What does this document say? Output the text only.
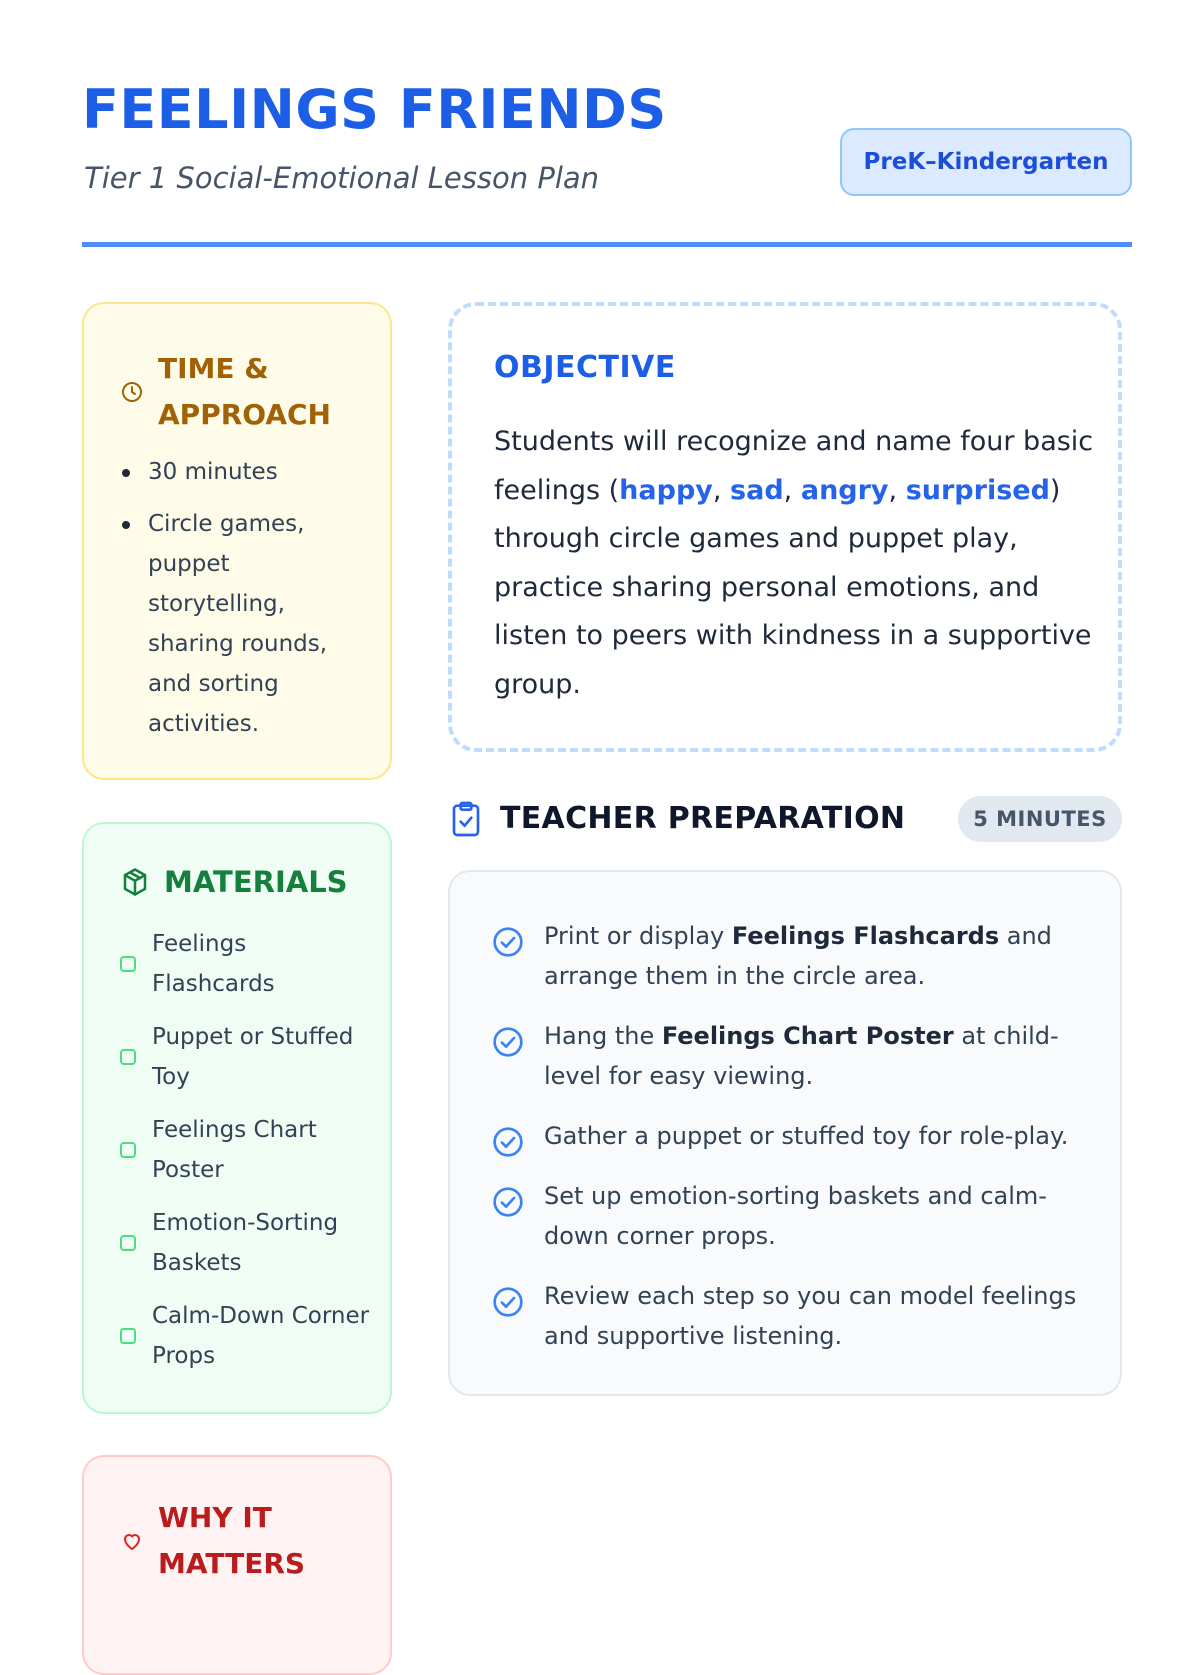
FEELINGS FRIENDS
Tier 1 Social-Emotional Lesson Plan	PreK–Kindergarten
TIME & APPROACH
30 minutes
Circle games, puppet storytelling, sharing rounds, and sorting activities.
MATERIALS
Feelings Flashcards
Puppet or Stuffed Toy
Feelings Chart Poster
Emotion-Sorting Baskets
Calm-Down Corner Props
WHY IT MATTERS
OBJECTIVE

Students will recognize and name four basic feelings (happy, sad, angry, surprised) through circle games and puppet play, practice sharing personal emotions, and listen to peers with kindness in a supportive group.

TEACHER PREPARATION	5 MINUTES
Print or display Feelings Flashcards and arrange them in the circle area.
Hang the Feelings Chart Poster at child-level for easy viewing.
Gather a puppet or stuffed toy for role-play.
Set up emotion-sorting baskets and calm-down corner props.
Review each step so you can model feelings and supportive listening.
